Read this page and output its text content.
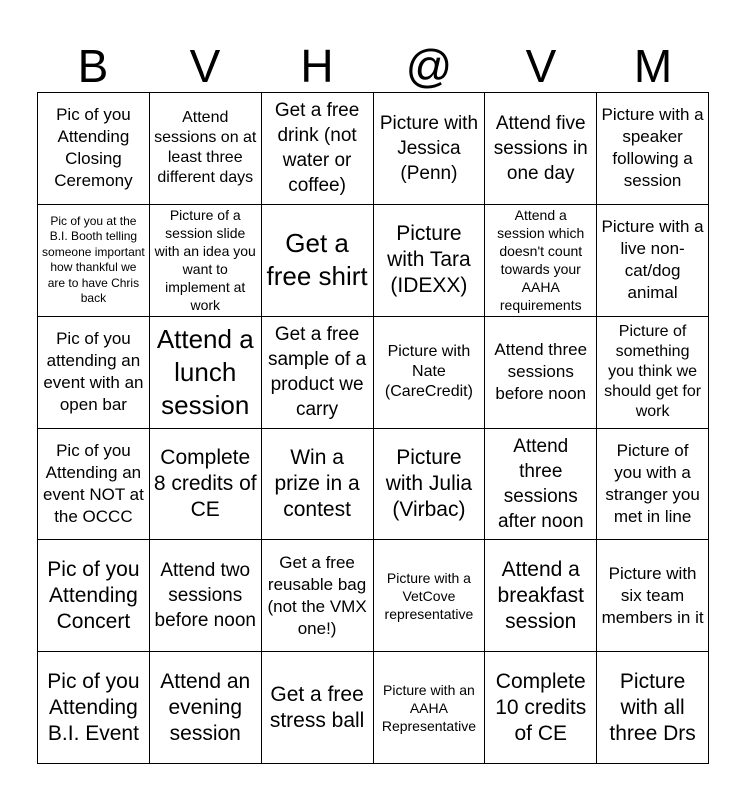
B	V	H	@	V	M
Pic of you Attending Closing Ceremony
Attend sessions on at least three different days
Get a free drink (not water or coffee)
Picture with Jessica (Penn)
Attend five sessions in one day
Picture with a speaker following a session
Pic of you at the B.I. Booth telling someone important how thankful we are to have Chris back
Picture of a session slide with an idea you want to implement at work
Get a free shirt
Picture with Tara (IDEXX)
Attend a session which doesn't count towards your AAHA requirements
Picture with a live non-cat/dog animal
Pic of you attending an event with an open bar
Attend a lunch session
Get a free sample of a product we carry
Picture with Nate (CareCredit)
Attend three sessions before noon
Picture of something you think we should get for work
Pic of you Attending an event NOT at the OCCC
Complete 8 credits of CE
Win a prize in a contest
Picture with Julia (Virbac)
Attend three sessions after noon
Picture of you with a stranger you met in line
Pic of you Attending Concert
Attend two sessions before noon
Get a free reusable bag (not the VMX one!)
Picture with a VetCove representative
Attend a breakfast session
Picture with six team members in it
Pic of you Attending B.I. Event
Attend an evening session
Get a free stress ball
Picture with an AAHA Representative
Complete 10 credits of CE
Picture with all three Drs
